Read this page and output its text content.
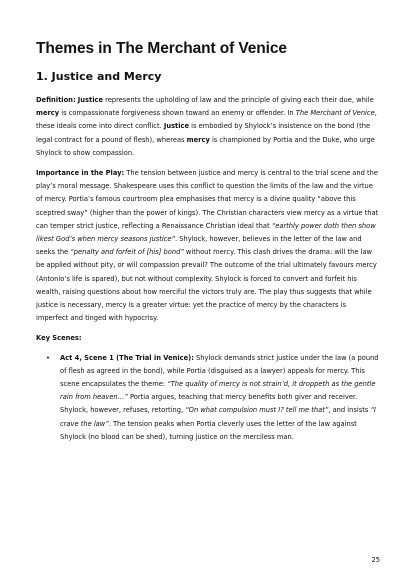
Themes in The Merchant of Venice
1. Justice and Mercy

Definition: Justice represents the upholding of law and the principle of giving each their due, while mercy is compassionate forgiveness shown toward an enemy or offender. In The Merchant of Venice, these ideals come into direct conflict. Justice is embodied by Shylock’s insistence on the bond (the legal contract for a pound of flesh), whereas mercy is championed by Portia and the Duke, who urge Shylock to show compassion.

Importance in the Play: The tension between justice and mercy is central to the trial scene and the play’s moral message. Shakespeare uses this conflict to question the limits of the law and the virtue of mercy. Portia’s famous courtroom plea emphasises that mercy is a divine quality “above this sceptred sway” (higher than the power of kings). The Christian characters view mercy as a virtue that can temper strict justice, reflecting a Renaissance Christian ideal that “earthly power doth then show likest God’s when mercy seasons justice”. Shylock, however, believes in the letter of the law and seeks the “penalty and forfeit of [his] bond” without mercy. This clash drives the drama: will the law be applied without pity, or will compassion prevail? The outcome of the trial ultimately favours mercy (Antonio’s life is spared), but not without complexity. Shylock is forced to convert and forfeit his wealth, raising questions about how merciful the victors truly are. The play thus suggests that while justice is necessary, mercy is a greater virtue: yet the practice of mercy by the characters is imperfect and tinged with hypocrisy.

Key Scenes:

• Act 4, Scene 1 (The Trial in Venice): Shylock demands strict justice under the law (a pound of flesh as agreed in the bond), while Portia (disguised as a lawyer) appeals for mercy. This scene encapsulates the theme: “The quality of mercy is not strain’d, it droppeth as the gentle rain from heaven…” Portia argues, teaching that mercy benefits both giver and receiver. Shylock, however, refuses, retorting, “On what compulsion must I? tell me that”, and insists “I crave the law”. The tension peaks when Portia cleverly uses the letter of the law against Shylock (no blood can be shed), turning justice on the merciless man.
25
